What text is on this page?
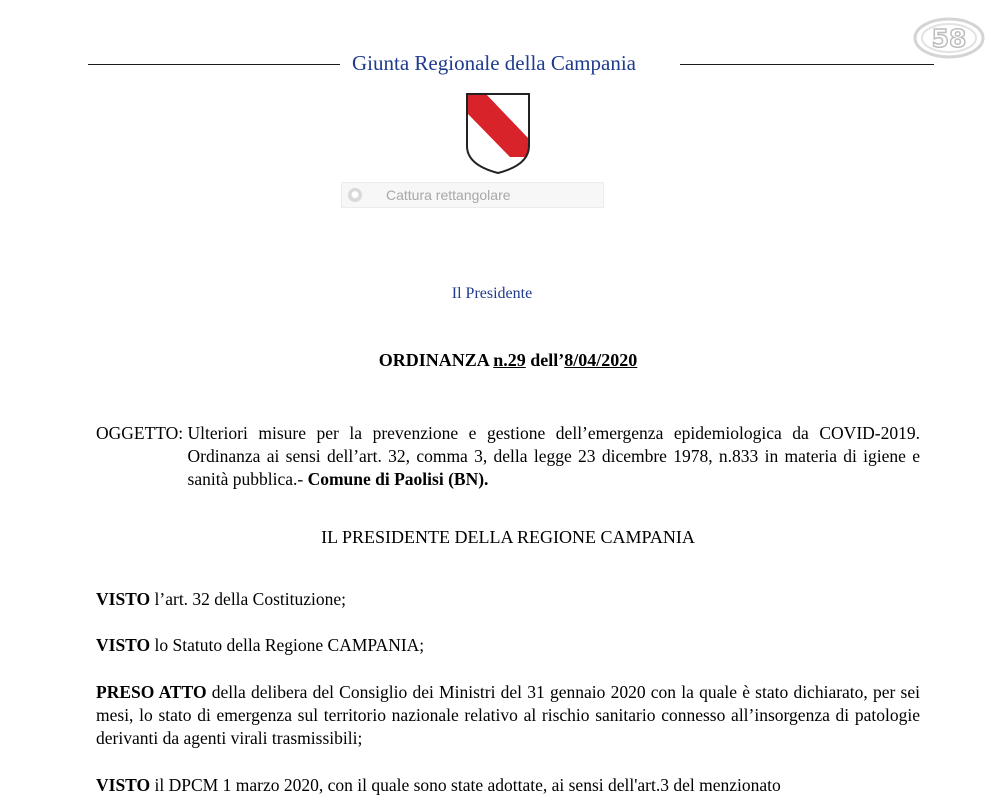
Giunta Regionale della Campania
58
● Cattura rettangolare
Il Presidente
ORDINANZA n.29 dell’8/04/2020
OGGETTO: Ulteriori misure per la prevenzione e gestione dell’emergenza epidemiologica da COVID-2019. Ordinanza ai sensi dell’art. 32, comma 3, della legge 23 dicembre 1978, n.833 in materia di igiene e sanità pubblica.- Comune di Paolisi (BN).
IL PRESIDENTE DELLA REGIONE CAMPANIA
VISTO l’art. 32 della Costituzione;
VISTO lo Statuto della Regione CAMPANIA;
PRESO ATTO della delibera del Consiglio dei Ministri del 31 gennaio 2020 con la quale è stato dichiarato, per sei mesi, lo stato di emergenza sul territorio nazionale relativo al rischio sanitario connesso all’insorgenza di patologie derivanti da agenti virali trasmissibili;
VISTO il DPCM 1 marzo 2020, con il quale sono state adottate, ai sensi dell'art.3 del menzionato
